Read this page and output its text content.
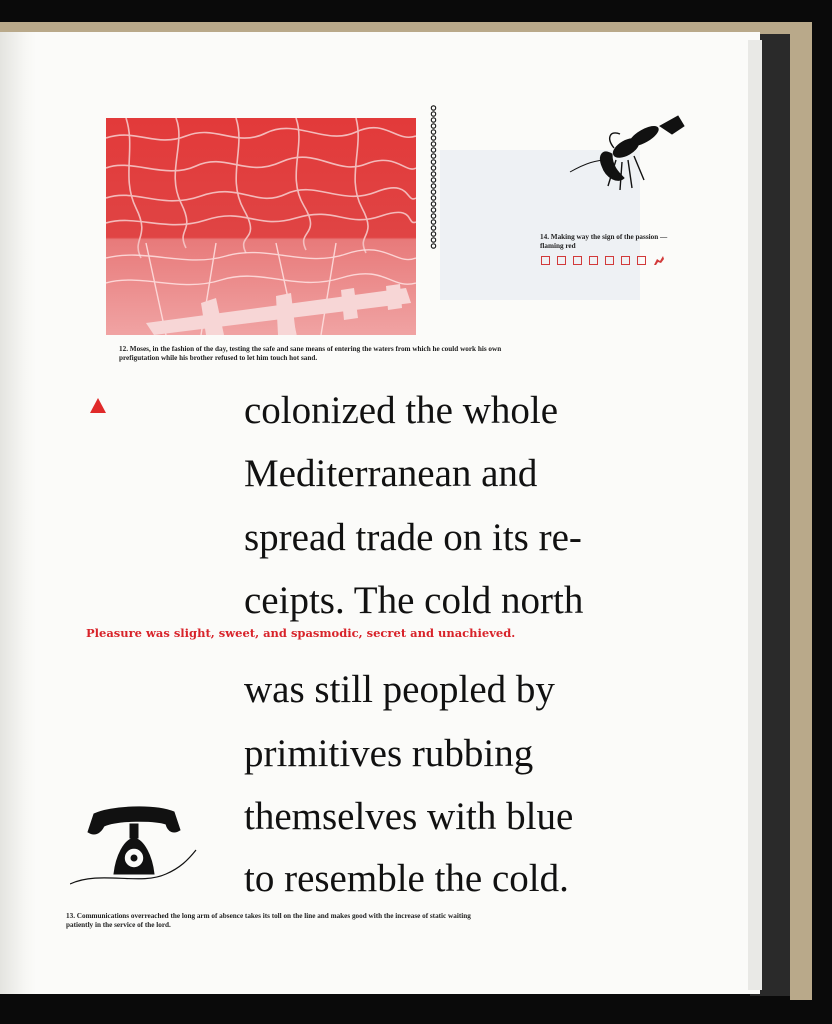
12. Moses, in the fashion of the day, testing the safe and sane means of entering the waters from which he could work his own prefigutation while his brother refused to let him touch hot sand.
14. Making way the sign of the passion —flaming red
colonized the whole
Mediterranean and
spread trade on its re-
ceipts. The cold north
Pleasure was slight, sweet, and spasmodic, secret and unachieved.
was still peopled by
primitives rubbing
themselves with blue
to resemble the cold.
13. Communications overreached the long arm of absence takes its toll on the line and makes good with the increase of static waiting patiently in the service of the lord.
